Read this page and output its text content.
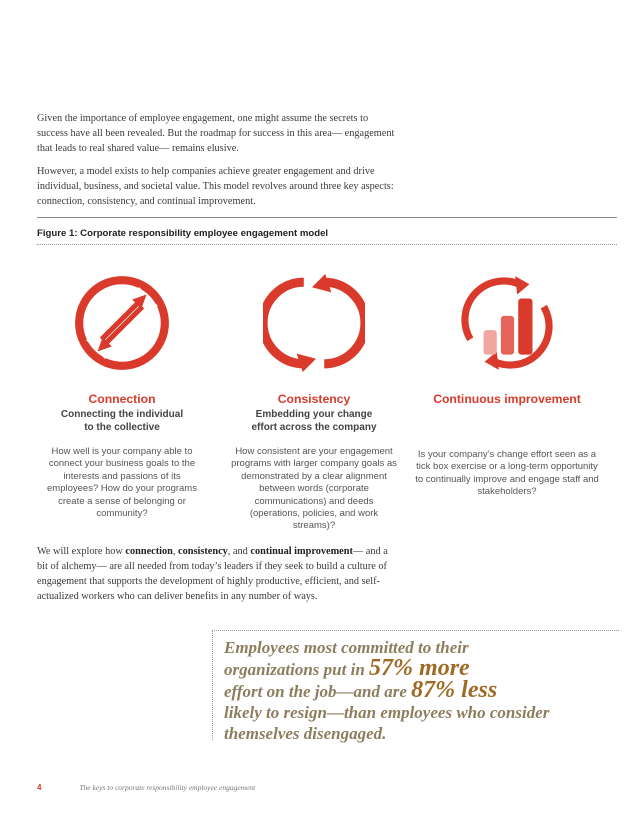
Given the importance of employee engagement, one might assume the secrets to success have all been revealed. But the roadmap for success in this area— engagement that leads to real shared value— remains elusive.

However, a model exists to help companies achieve greater engagement and drive individual, business, and societal value. This model revolves around three key aspects: connection, consistency, and continual improvement.

Figure 1: Corporate responsibility employee engagement model
Connection
Connecting the individual
to the collective
How well is your company able to connect your business goals to the interests and passions of its employees? How do your programs create a sense of belonging or community?
Consistency
Embedding your change
effort across the company
How consistent are your engagement programs with larger company goals as demonstrated by a clear alignment between words (corporate communications) and deeds (operations, policies, and work streams)?
Continuous improvement
Is your company’s change effort seen as a tick box exercise or a long-term opportunity to continually improve and engage staff and stakeholders?

We will explore how connection, consistency, and continual improvement— and a bit of alchemy— are all needed from today’s leaders if they seek to build a culture of engagement that supports the development of highly productive, efficient, and self-actualized workers who can deliver benefits in any number of ways.

Employees most committed to their
organizations put in 57% more
effort on the job—and are 87% less
likely to resign—than employees who consider
themselves disengaged.
4	The keys to corporate responsibility employee engagement
